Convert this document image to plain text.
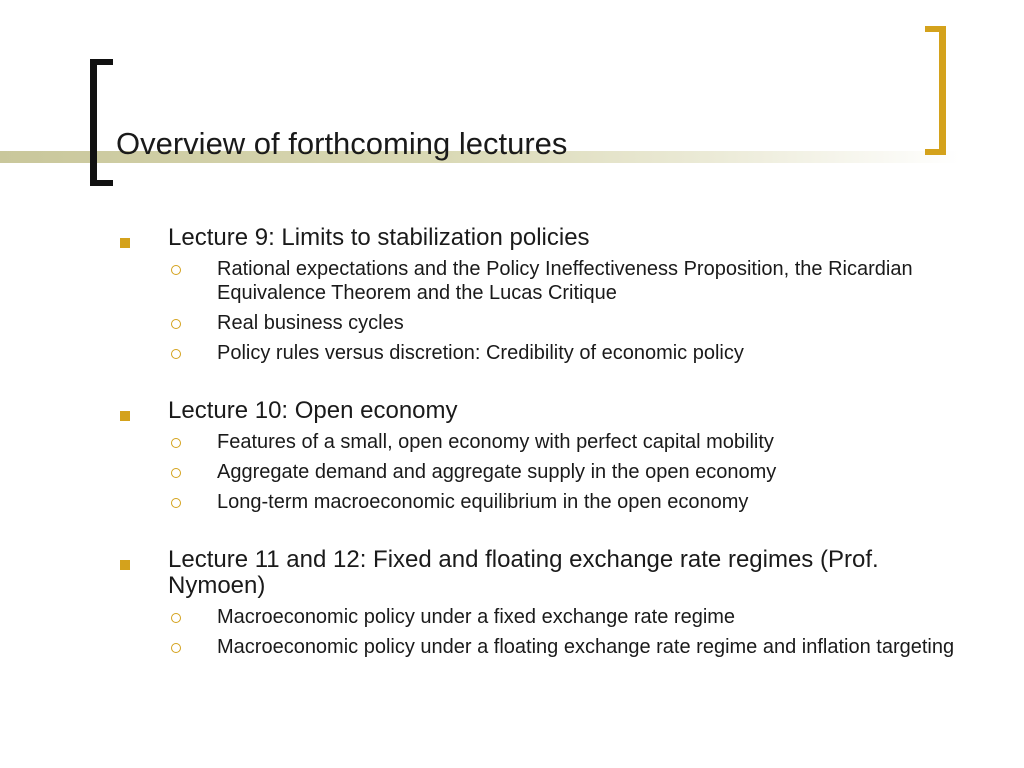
Overview of forthcoming lectures
Lecture 9: Limits to stabilization policies
Rational expectations and the Policy Ineffectiveness Proposition, the Ricardian Equivalence Theorem and the Lucas Critique
Real business cycles
Policy rules versus discretion: Credibility of economic policy
Lecture 10: Open economy
Features of a small, open economy with perfect capital mobility
Aggregate demand and aggregate supply in the open economy
Long-term macroeconomic equilibrium in the open economy
Lecture 11 and 12: Fixed and floating exchange rate regimes (Prof. Nymoen)
Macroeconomic policy under a fixed exchange rate regime
Macroeconomic policy under a floating exchange rate regime and inflation targeting
